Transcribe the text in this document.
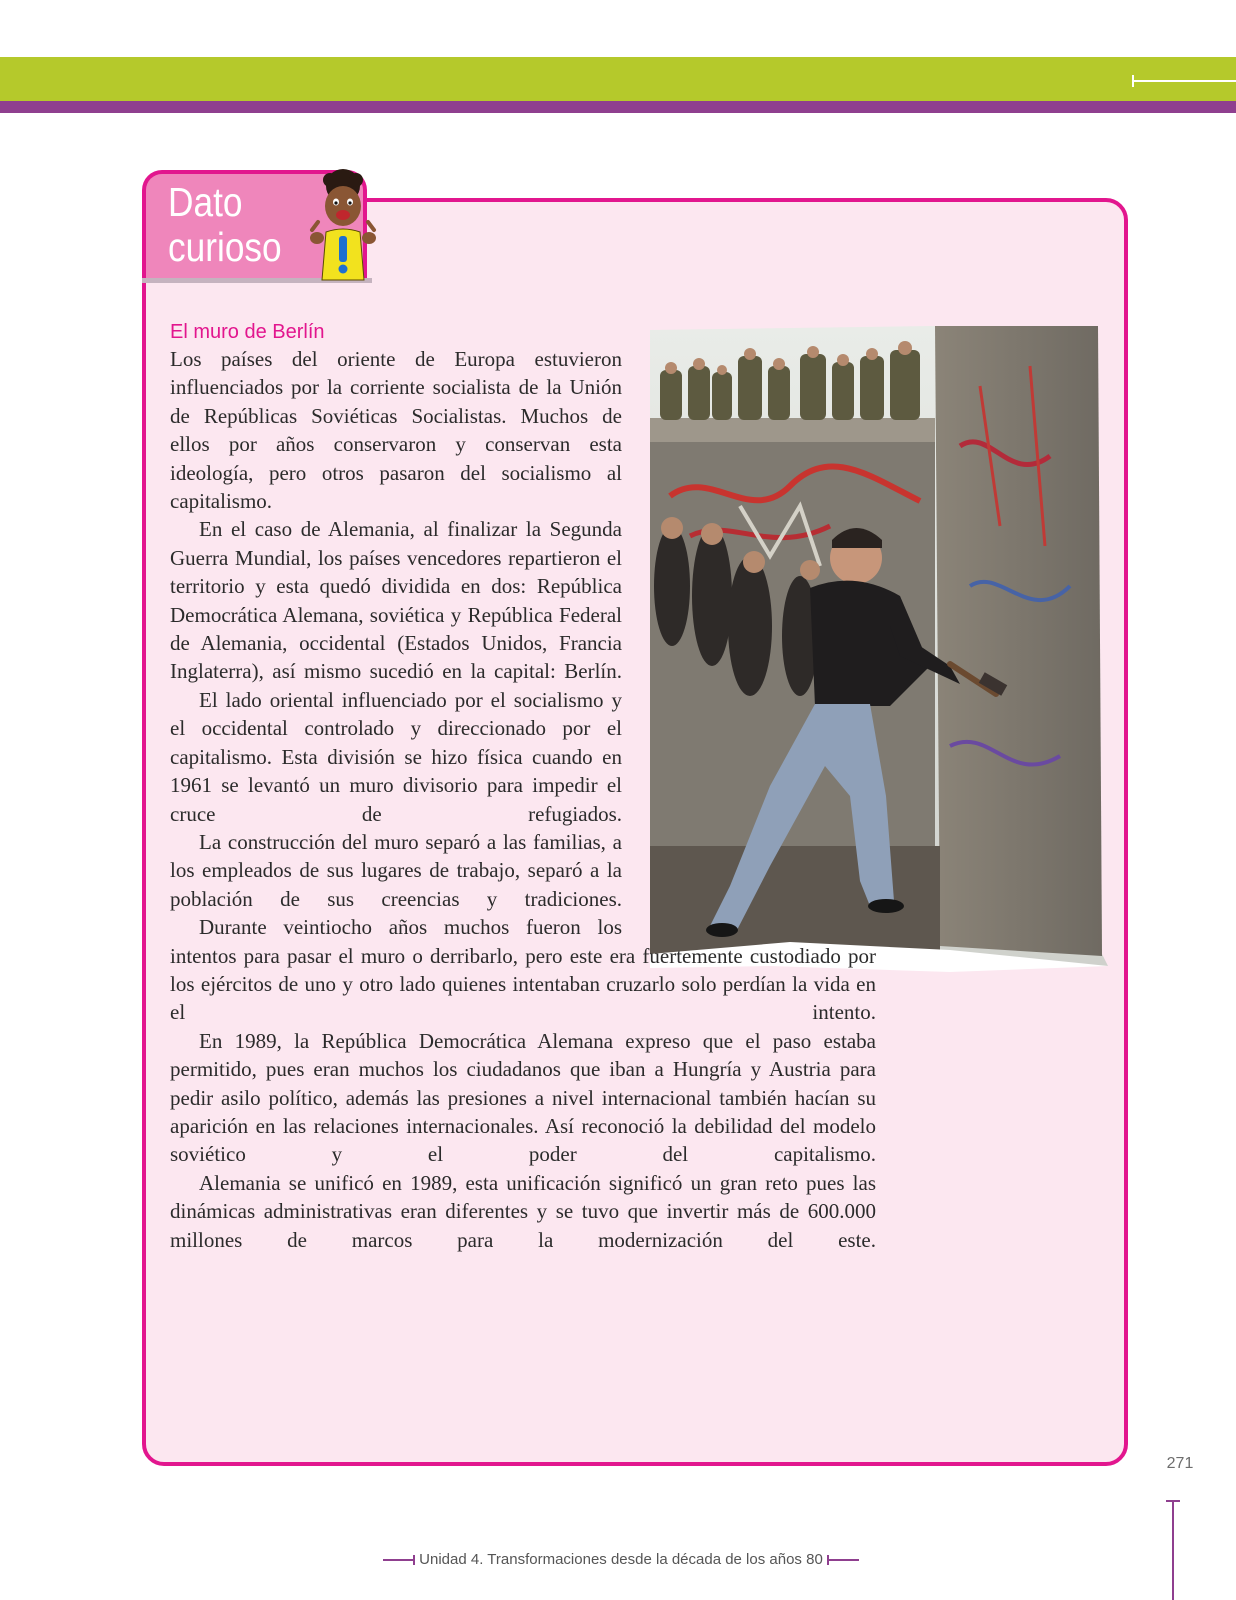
Dato
curioso
El muro de Berlín

Los países del oriente de Europa estuvieron influenciados por la corriente socialista de la Unión de Repúblicas Soviéticas Socialistas. Muchos de ellos por años conservaron y conservan esta ideología, pero otros pasaron del socialismo al capitalismo.

En el caso de Alemania, al finalizar la Segunda Guerra Mundial, los países vencedores repartieron el territorio y esta quedó dividida en dos: República Democrática Alemana, soviética y República Federal de Alemania, occidental (Estados Unidos, Francia Inglaterra), así mismo sucedió en la capital: Berlín.

El lado oriental influenciado por el socialismo y el occidental controlado y direccionado por el capitalismo. Esta división se hizo física cuando en 1961 se levantó un muro divisorio para impedir el cruce de refugiados.

La construcción del muro separó a las familias, a los empleados de sus lugares de trabajo, separó a la población de sus creencias y tradiciones.

Durante veintiocho años muchos fueron los

intentos para pasar el muro o derribarlo, pero este era fuertemente custodiado por los ejércitos de uno y otro lado quienes intentaban cruzarlo solo perdían la vida en el intento.

En 1989, la República Democrática Alemana expreso que el paso estaba permitido, pues eran muchos los ciudadanos que iban a Hungría y Austria para pedir asilo político, además las presiones a nivel internacional también hacían su aparición en las relaciones internacionales. Así reconoció la debilidad del modelo soviético y el poder del capitalismo.

Alemania se unificó en 1989, esta unificación significó un gran reto pues las dinámicas administrativas eran diferentes y se tuvo que invertir más de 600.000 millones de marcos para la modernización del este.

271
Unidad 4. Transformaciones desde la década de los años 80
